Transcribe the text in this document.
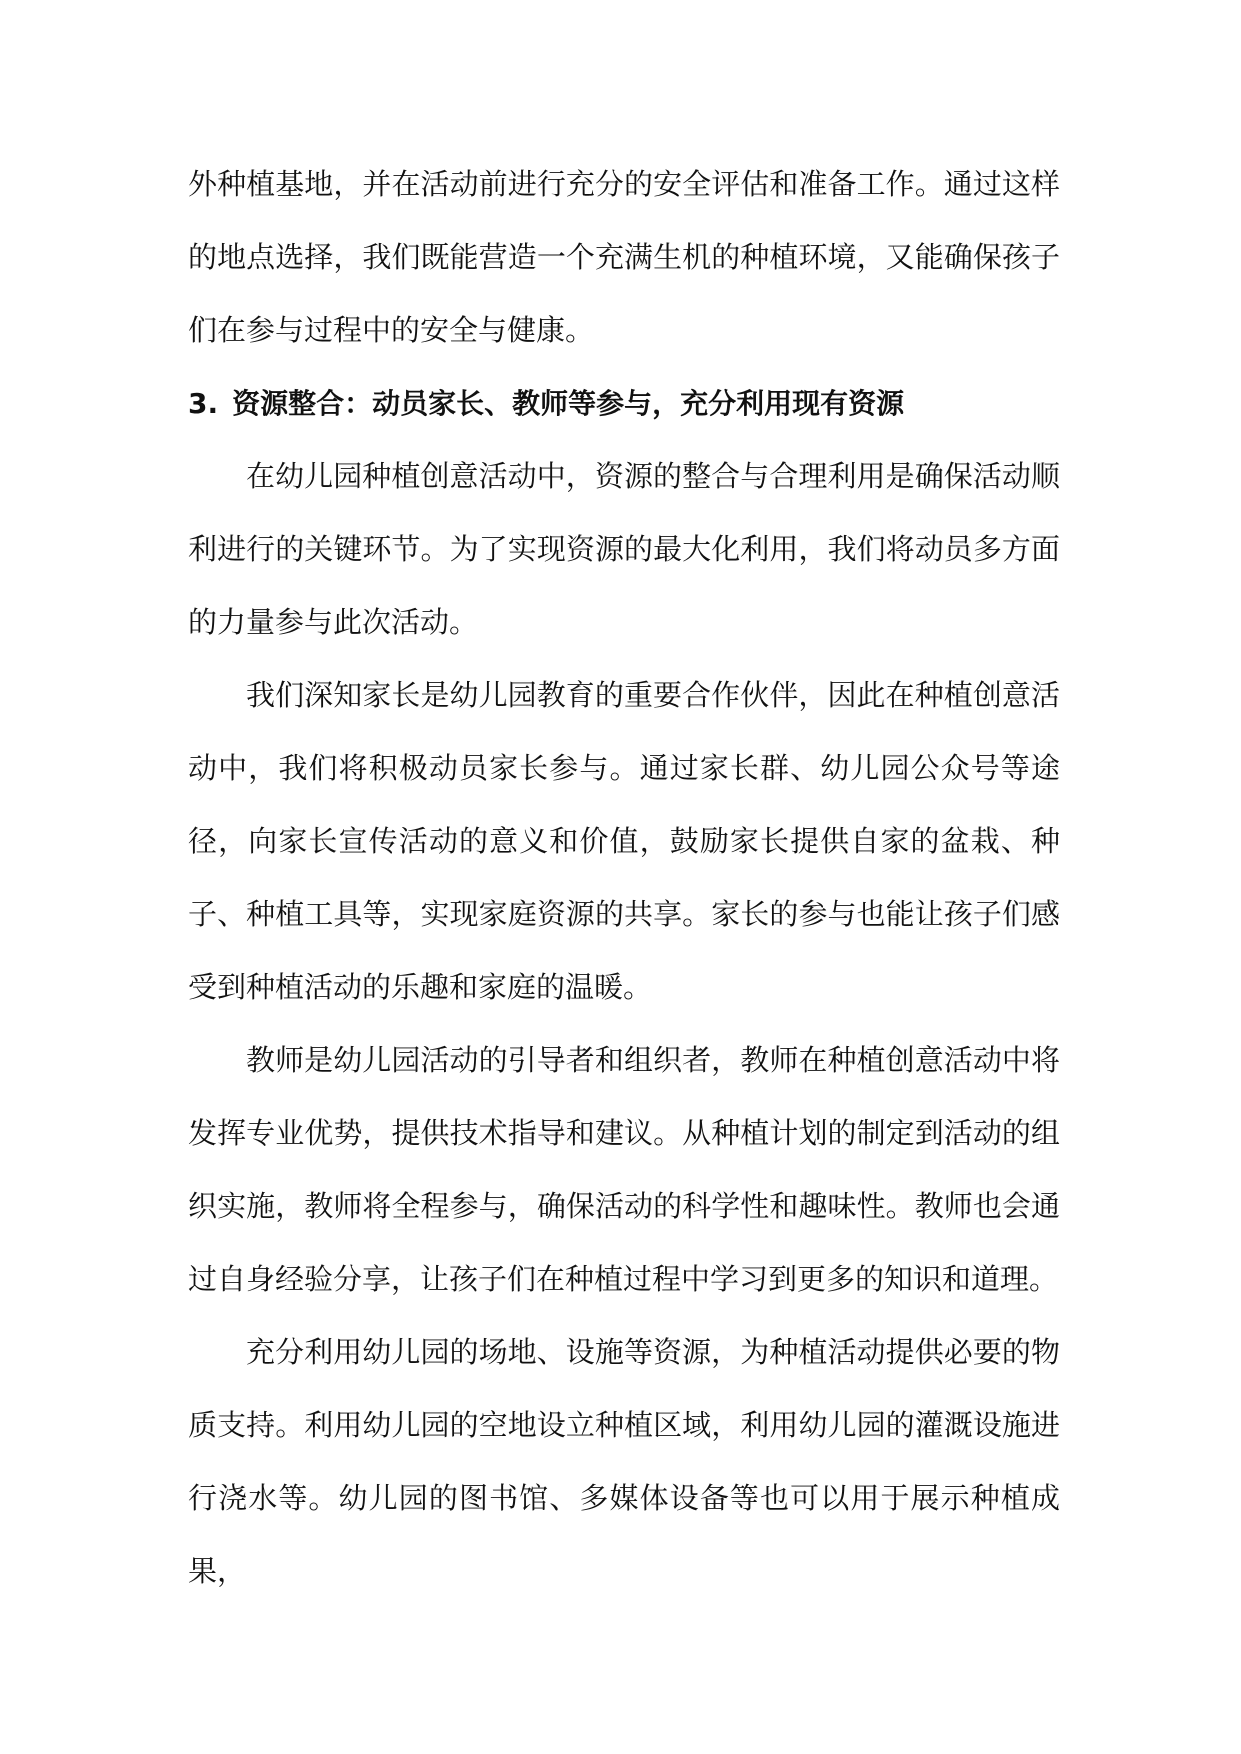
外种植基地，并在活动前进行充分的安全评估和准备工作。通过这样的地点选择，我们既能营造一个充满生机的种植环境，又能确保孩子们在参与过程中的安全与健康。

3. 资源整合：动员家长、教师等参与，充分利用现有资源

在幼儿园种植创意活动中，资源的整合与合理利用是确保活动顺利进行的关键环节。为了实现资源的最大化利用，我们将动员多方面的力量参与此次活动。

我们深知家长是幼儿园教育的重要合作伙伴，因此在种植创意活动中，我们将积极动员家长参与。通过家长群、幼儿园公众号等途径，向家长宣传活动的意义和价值，鼓励家长提供自家的盆栽、种子、种植工具等，实现家庭资源的共享。家长的参与也能让孩子们感受到种植活动的乐趣和家庭的温暖。

教师是幼儿园活动的引导者和组织者，教师在种植创意活动中将发挥专业优势，提供技术指导和建议。从种植计划的制定到活动的组织实施，教师将全程参与，确保活动的科学性和趣味性。教师也会通过自身经验分享，让孩子们在种植过程中学习到更多的知识和道理。

充分利用幼儿园的场地、设施等资源，为种植活动提供必要的物质支持。利用幼儿园的空地设立种植区域，利用幼儿园的灌溉设施进行浇水等。幼儿园的图书馆、多媒体设备等也可以用于展示种植成果，
